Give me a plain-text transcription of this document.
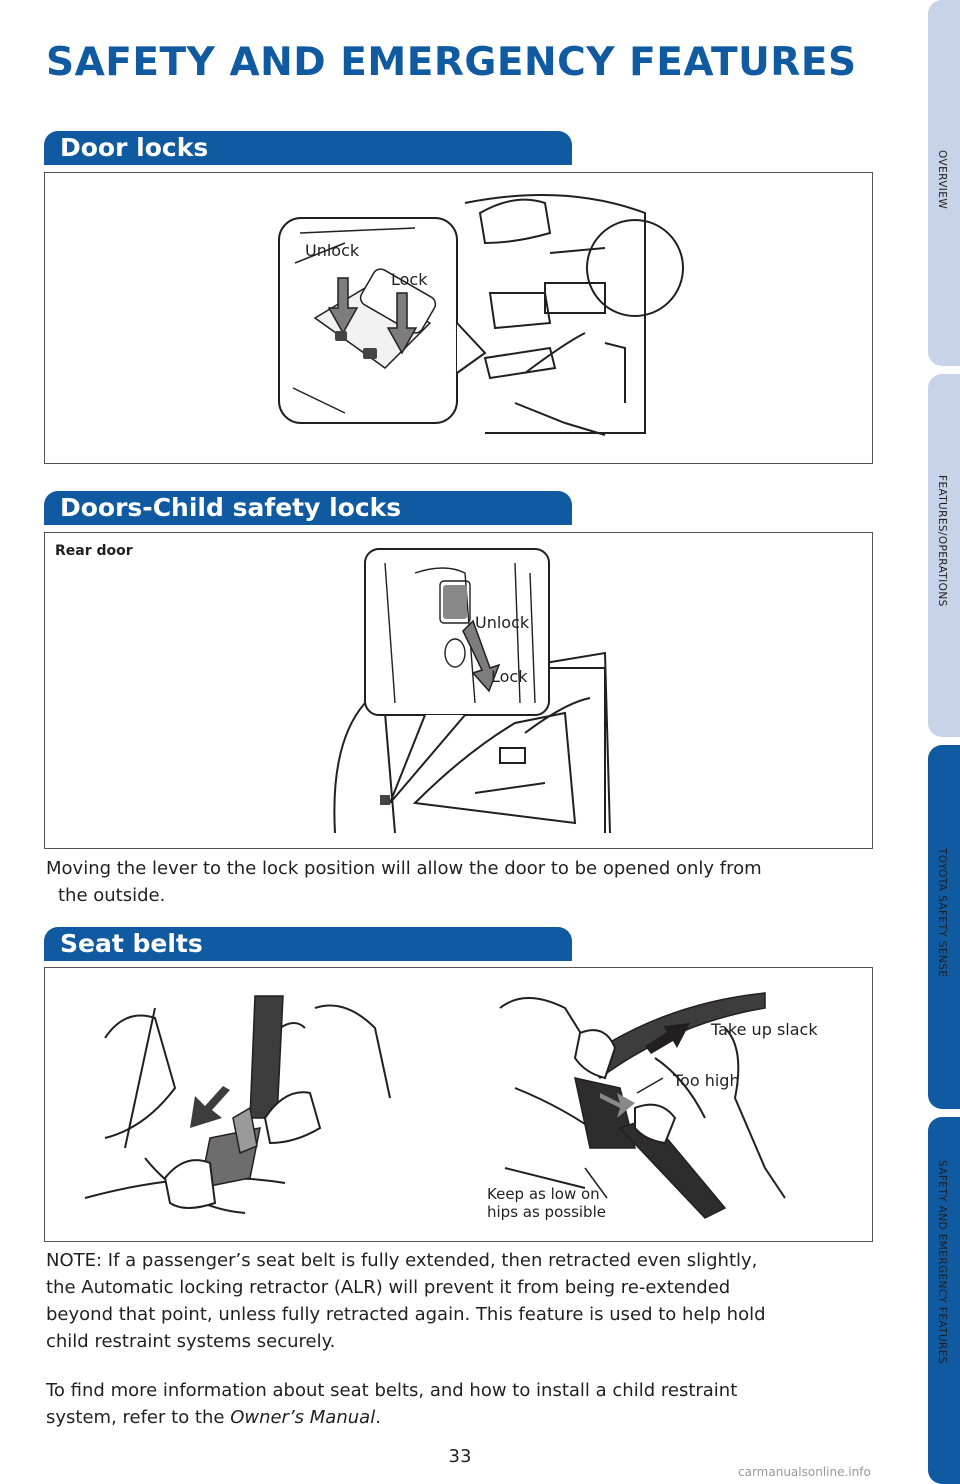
SAFETY AND EMERGENCY FEATURES
Door locks
Unlock
Lock
Doors-Child safety locks
Rear door
Unlock
Lock
Moving the lever to the lock position will allow the door to be opened only from
the outside.
Seat belts
Take up slack
Too high
Keep as low on
hips as possible
NOTE: If a passenger’s seat belt is fully extended, then retracted even slightly,
the Automatic locking retractor (ALR) will prevent it from being re-extended
beyond that point, unless fully retracted again. This feature is used to help hold
child restraint systems securely.
To find more information about seat belts, and how to install a child restraint
system, refer to the Owner’s Manual.
OVERVIEW
FEATURES/OPERATIONS
TOYOTA SAFETY SENSE
SAFETY AND EMERGENCY FEATURES
33
carmanualsonline.info
